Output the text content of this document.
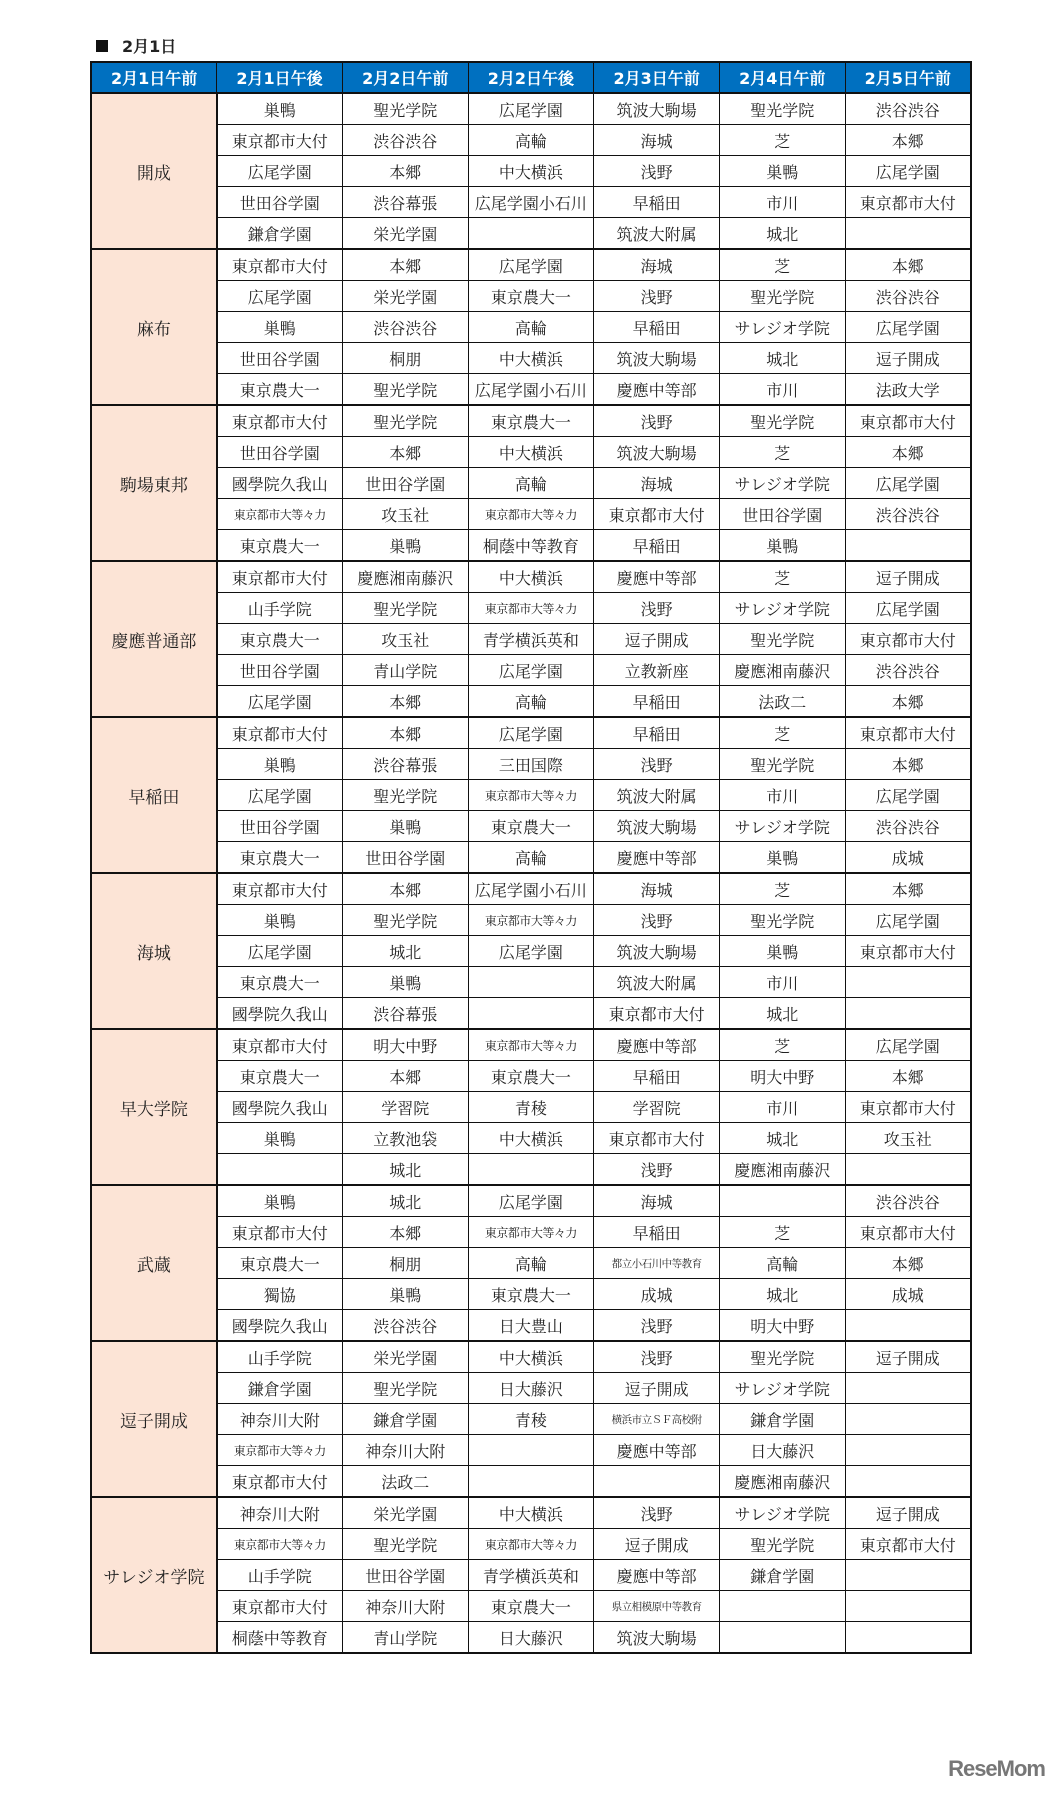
2月1日
2月1日午前	2月1日午後	2月2日午前	2月2日午後	2月3日午前	2月4日午前	2月5日午前
開成	巣鴨	聖光学院	広尾学園	筑波大駒場	聖光学院	渋谷渋谷
	東京都市大付	渋谷渋谷	高輪	海城	芝	本郷
	広尾学園	本郷	中大横浜	浅野	巣鴨	広尾学園
	世田谷学園	渋谷幕張	広尾学園小石川	早稲田	市川	東京都市大付
	鎌倉学園	栄光学園		筑波大附属	城北	
麻布	東京都市大付	本郷	広尾学園	海城	芝	本郷
	広尾学園	栄光学園	東京農大一	浅野	聖光学院	渋谷渋谷
	巣鴨	渋谷渋谷	高輪	早稲田	サレジオ学院	広尾学園
	世田谷学園	桐朋	中大横浜	筑波大駒場	城北	逗子開成
	東京農大一	聖光学院	広尾学園小石川	慶應中等部	市川	法政大学
駒場東邦	東京都市大付	聖光学院	東京農大一	浅野	聖光学院	東京都市大付
	世田谷学園	本郷	中大横浜	筑波大駒場	芝	本郷
	國學院久我山	世田谷学園	高輪	海城	サレジオ学院	広尾学園
	東京都市大等々力	攻玉社	東京都市大等々力	東京都市大付	世田谷学園	渋谷渋谷
	東京農大一	巣鴨	桐蔭中等教育	早稲田	巣鴨	
慶應普通部	東京都市大付	慶應湘南藤沢	中大横浜	慶應中等部	芝	逗子開成
	山手学院	聖光学院	東京都市大等々力	浅野	サレジオ学院	広尾学園
	東京農大一	攻玉社	青学横浜英和	逗子開成	聖光学院	東京都市大付
	世田谷学園	青山学院	広尾学園	立教新座	慶應湘南藤沢	渋谷渋谷
	広尾学園	本郷	高輪	早稲田	法政二	本郷
早稲田	東京都市大付	本郷	広尾学園	早稲田	芝	東京都市大付
	巣鴨	渋谷幕張	三田国際	浅野	聖光学院	本郷
	広尾学園	聖光学院	東京都市大等々力	筑波大附属	市川	広尾学園
	世田谷学園	巣鴨	東京農大一	筑波大駒場	サレジオ学院	渋谷渋谷
	東京農大一	世田谷学園	高輪	慶應中等部	巣鴨	成城
海城	東京都市大付	本郷	広尾学園小石川	海城	芝	本郷
	巣鴨	聖光学院	東京都市大等々力	浅野	聖光学院	広尾学園
	広尾学園	城北	広尾学園	筑波大駒場	巣鴨	東京都市大付
	東京農大一	巣鴨		筑波大附属	市川	
	國學院久我山	渋谷幕張		東京都市大付	城北	
早大学院	東京都市大付	明大中野	東京都市大等々力	慶應中等部	芝	広尾学園
	東京農大一	本郷	東京農大一	早稲田	明大中野	本郷
	國學院久我山	学習院	青稜	学習院	市川	東京都市大付
	巣鴨	立教池袋	中大横浜	東京都市大付	城北	攻玉社
		城北		浅野	慶應湘南藤沢	
武蔵	巣鴨	城北	広尾学園	海城		渋谷渋谷
	東京都市大付	本郷	東京都市大等々力	早稲田	芝	東京都市大付
	東京農大一	桐朋	高輪	都立小石川中等教育	高輪	本郷
	獨協	巣鴨	東京農大一	成城	城北	成城
	國學院久我山	渋谷渋谷	日大豊山	浅野	明大中野	
逗子開成	山手学院	栄光学園	中大横浜	浅野	聖光学院	逗子開成
	鎌倉学園	聖光学院	日大藤沢	逗子開成	サレジオ学院	
	神奈川大附	鎌倉学園	青稜	横浜市立ＳＦ高校附	鎌倉学園	
	東京都市大等々力	神奈川大附		慶應中等部	日大藤沢	
	東京都市大付	法政二			慶應湘南藤沢	
サレジオ学院	神奈川大附	栄光学園	中大横浜	浅野	サレジオ学院	逗子開成
	東京都市大等々力	聖光学院	東京都市大等々力	逗子開成	聖光学院	東京都市大付
	山手学院	世田谷学園	青学横浜英和	慶應中等部	鎌倉学園	
	東京都市大付	神奈川大附	東京農大一	県立相模原中等教育		
	桐蔭中等教育	青山学院	日大藤沢	筑波大駒場		
ReseMom
